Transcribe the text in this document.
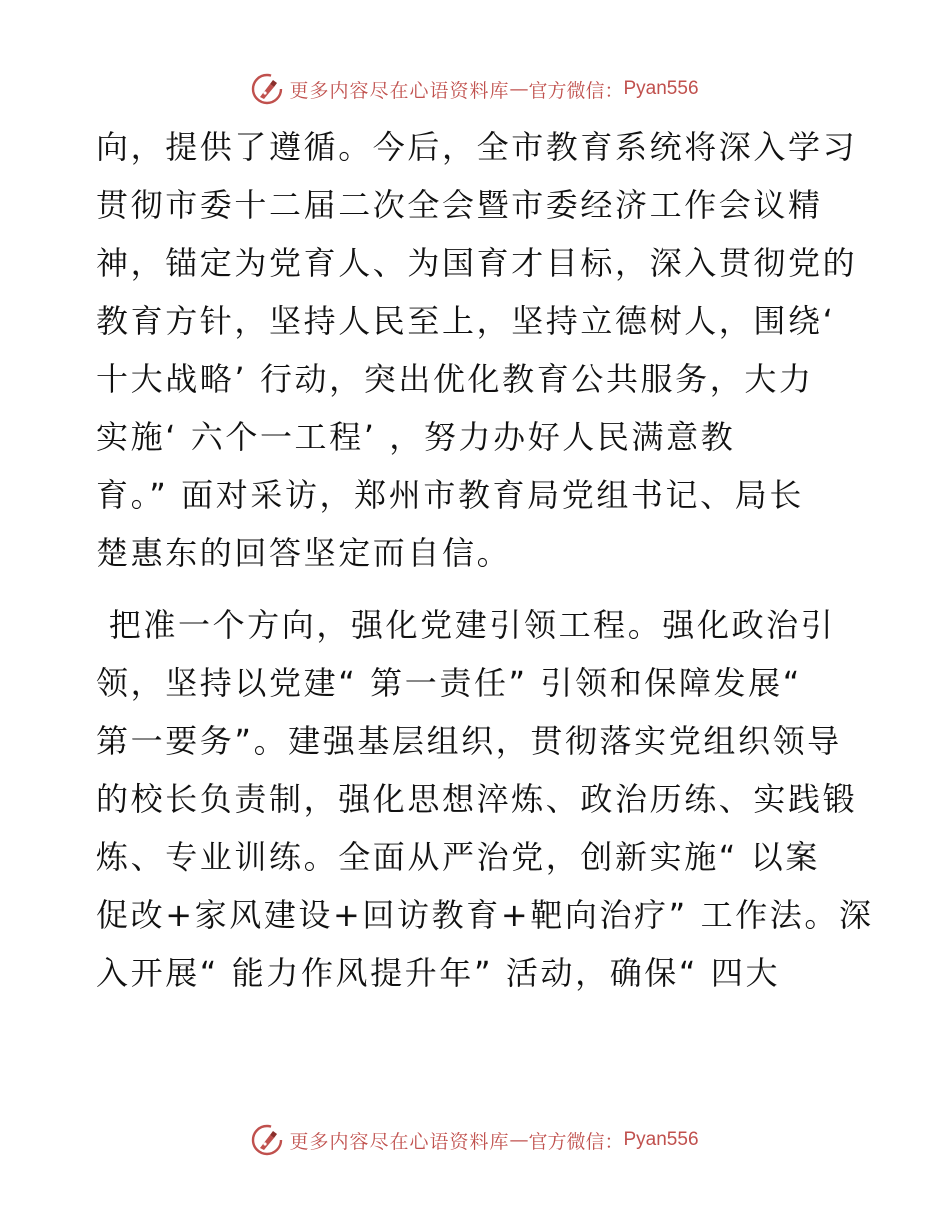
更多内容尽在心语资料库 — 官方微信： Pyan556
向，提供了遵循。今后，全市教育系统将深入学习
贯彻市委十二届二次全会暨市委经济工作会议精
神，锚定为党育人、为国育才目标，深入贯彻党的
教育方针，坚持人民至上，坚持立德树人，围绕‘
十大战略’ 行动，突出优化教育公共服务，大力
实施‘ 六个一工程’ ，努力办好人民满意教
育。” 面对采访，郑州市教育局党组书记、局长
楚惠东的回答坚定而自信。
把准一个方向，强化党建引领工程。强化政治引
领，坚持以党建“ 第一责任” 引领和保障发展“
第一要务”。建强基层组织，贯彻落实党组织领导
的校长负责制，强化思想淬炼、政治历练、实践锻
炼、专业训练。全面从严治党，创新实施“ 以案
促改+家风建设+回访教育+靶向治疗” 工作法。深
入开展“ 能力作风提升年” 活动，确保“ 四大
更多内容尽在心语资料库 — 官方微信： Pyan556
